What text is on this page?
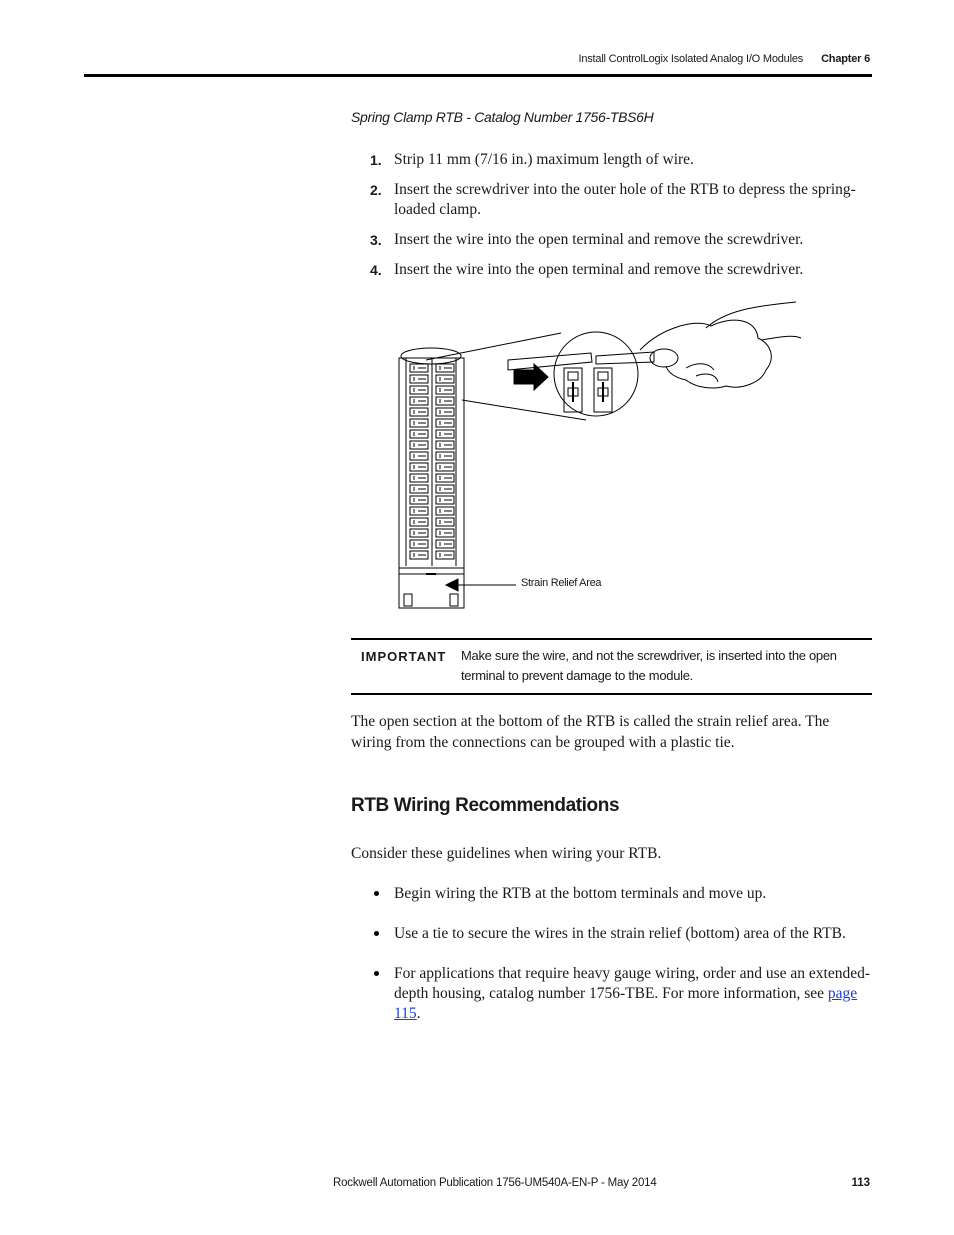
Install ControlLogix Isolated Analog I/O Modules Chapter 6
Spring Clamp RTB - Catalog Number 1756-TBS6H
1. Strip 11 mm (7/16 in.) maximum length of wire.
2. Insert the screwdriver into the outer hole of the RTB to depress the spring-loaded clamp.
3. Insert the wire into the open terminal and remove the screwdriver.
4. Insert the wire into the open terminal and remove the screwdriver.
Strain Relief Area
IMPORTANT Make sure the wire, and not the screwdriver, is inserted into the open terminal to prevent damage to the module.
The open section at the bottom of the RTB is called the strain relief area. The wiring from the connections can be grouped with a plastic tie.
RTB Wiring Recommendations
Consider these guidelines when wiring your RTB.
Begin wiring the RTB at the bottom terminals and move up.
Use a tie to secure the wires in the strain relief (bottom) area of the RTB.
For applications that require heavy gauge wiring, order and use an extended-depth housing, catalog number 1756-TBE. For more information, see page 115.
Rockwell Automation Publication 1756-UM540A-EN-P - May 2014	113
